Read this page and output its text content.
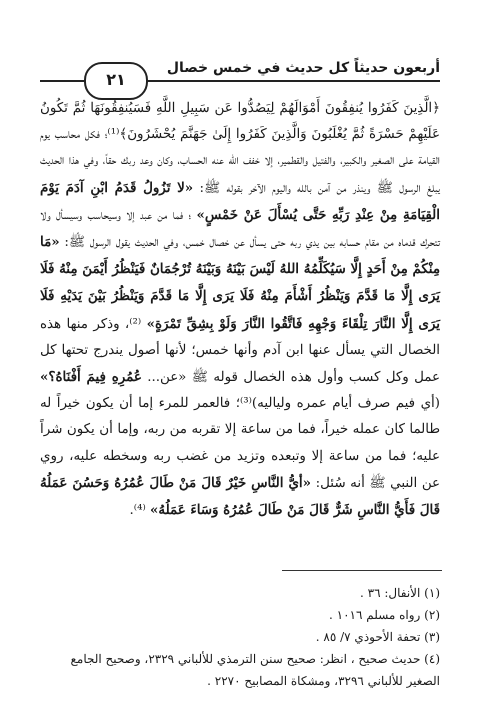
٢١
أربعون حديثاً كل حديث في خمس خصال

﴿الَّذِينَ كَفَرُوا يُنفِقُونَ أَمْوَالَهُمْ لِيَصُدُّوا عَن سَبِيلِ اللَّهِ فَسَيُنفِقُونَهَا ثُمَّ تَكُونُ عَلَيْهِمْ حَسْرَةً ثُمَّ يُغْلَبُونَ وَالَّذِينَ كَفَرُوا إِلَىٰ جَهَنَّمَ يُحْشَرُونَ﴾⁽¹⁾؛ فكل محاسب يوم القيامة على الصغير والكبير، والفتيل والقطمير، إلا خفف الله عنه الحساب، وكان وعد ربك حقاً، وفي هذا الحديث يبلغ الرسول ﷺ وينذر من آمن بالله واليوم الآخر بقوله ﷺ: «لا تَزُولُ قَدَمُ ابْنِ آدَمَ يَوْمَ الْقِيَامَةِ مِنْ عِنْدِ رَبِّهِ حَتَّى يُسْأَلَ عَنْ خَمْسٍ» ؛ فما من عبد إلا وسيحاسب وسيسأل ولا تتحرك قدماه من مقام حسابه بين يدي ربه حتى يسأل عن خصال خمس، وفي الحديث يقول الرسول ﷺ: «مَا مِنْكُمْ مِنْ أَحَدٍ إِلَّا سَيُكَلِّمُهُ اللهُ لَيْسَ بَيْنَهُ وَبَيْنَهُ تُرْجُمَانٌ فَيَنْظُرُ أَيْمَنَ مِنْهُ فَلَا يَرَى إِلَّا مَا قَدَّمَ وَيَنْظُرُ أَشْأَمَ مِنْهُ فَلَا يَرَى إِلَّا مَا قَدَّمَ وَيَنْظُرُ بَيْنَ يَدَيْهِ فَلَا يَرَى إِلَّا النَّارَ تِلْقَاءَ وَجْهِهِ فَاتَّقُوا النَّارَ وَلَوْ بِشِقِّ تَمْرَةٍ» ⁽²⁾، وذكر منها هذه الخصال التي يسأل عنها ابن آدم وأنها خمس؛ لأنها أصول يندرج تحتها كل عمل وكل كسب وأول هذه الخصال قوله ﷺ «عن... عُمُرِهِ فِيمَ أَفْنَاهُ؟» (أي فيم صرف أيام عمره ولياليه)⁽³⁾؛ فالعمر للمرء إما أن يكون خيراً له طالما كان عمله خيراً، فما من ساعة إلا تقربه من ربه، وإما أن يكون شراً عليه؛ فما من ساعة إلا وتبعده وتزيد من غضب ربه وسخطه عليه، روي عن النبي ﷺ أنه سُئل: «أيُّ النَّاسِ خَيْرٌ قَالَ مَنْ طَالَ عُمُرُهُ وَحَسُنَ عَمَلُهُ قَالَ فَأَيُّ النَّاسِ شَرٌّ قَالَ مَنْ طَالَ عُمُرُهُ وَسَاءَ عَمَلُهُ» ⁽⁴⁾.

(١) الأنفال: ٣٦ .
(٢) رواه مسلم ١٠١٦ .
(٣) تحفة الأحوذي ٧/ ٨٥ .
(٤) حديث صحيح ، انظر: صحيح سنن الترمذي للألباني ٢٣٢٩، وصحيح الجامع الصغير للألباني ٣٢٩٦، ومشكاة المصابيح ٢٢٧٠ .
